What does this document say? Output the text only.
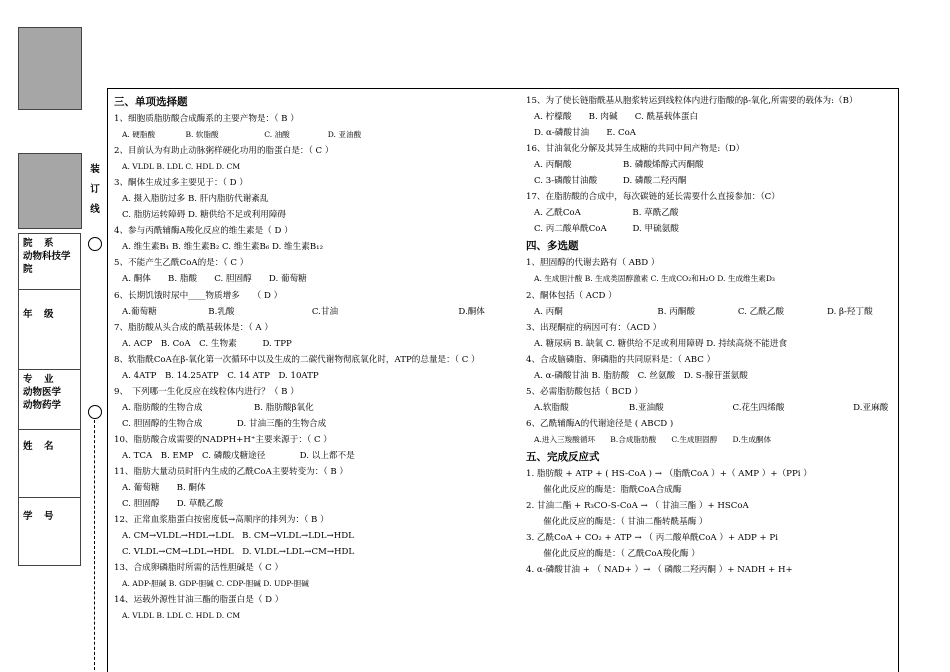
装
订
线
院　系
动物科技学院
年　级
专　业
动物医学
动物药学
姓　名
学　号
三、单项选择题
1、细胞质脂肪酸合成酶系的主要产物是：（ B ）
A. 硬脂酸　　　　B. 软脂酸　　　　　　C. 油酸　　　　　D. 亚油酸
2、目前认为有助止动脉粥样硬化功用的脂蛋白是：（ C ）
A. VLDL B. LDL C. HDL D. CM
3、酮体生成过多主要见于：（ D ）
A. 摄入脂肪过多 B. 肝内脂肪代谢紊乱
C. 脂肪运转障碍 D. 糖供给不足或利用障碍
4、参与丙酰辅酶A羧化反应的维生素是（ D ）
A. 维生素B₁ B. 维生素B₂ C. 维生素B₆ D. 维生素B₁₂
5、不能产生乙酰CoA的是：（ C ）
A. 酮体　　B. 脂酸　　C. 胆固醇　　D. 葡萄糖
6、长期饥饿时尿中____物质增多　　（ D ）
A.葡萄糖　　　　　　B.乳酸　　　　　　　　　C.甘油　　　　　　　　　　　　　　D.酮体
7、脂肪酸从头合成的酰基载体是：（ A ）
A. ACP　B. CoA　C. 生物素　　　D. TPP
8、软脂酰CoA在β-氧化第一次循环中以及生成的二碳代谢物彻底氧化时，ATP的总量是：（ C ）
A. 4ATP　B. 14.25ATP　C. 14 ATP　D. 10ATP
9、　下列哪一生化反应在线粒体内进行？（ B ）
A. 脂肪酸的生物合成　　　　　　B. 脂肪酸β氧化
C. 胆固醇的生物合成　　　　D. 甘油三酯的生物合成
10、脂肪酸合成需要的NADPH+H⁺主要来源于：（ C ）
A. TCA　B. EMP　C. 磷酸戊糖途径　　　　D. 以上都不是
11、脂肪大量动员时肝内生成的乙酰CoA主要转变为：（ B ）
A. 葡萄糖　　B. 酮体
C. 胆固醇　　D. 草酰乙酸
12、正常血浆脂蛋白按密度低→高顺序的排列为：（ B ）
A. CM→VLDL→HDL→LDL　B. CM→VLDL→LDL→HDL
C. VLDL→CM→LDL→HDL　D. VLDL→LDL→CM→HDL
13、合成卵磷脂时所需的活性胆碱是（ C ）
A. ADP-胆碱 B. GDP-胆碱 C. CDP-胆碱 D. UDP-胆碱
14、运载外源性甘油三酯的脂蛋白是（ D ）
A. VLDL B. LDL C. HDL D. CM
15、为了使长链脂酰基从胞浆转运到线粒体内进行脂酸的β-氧化,所需要的载体为:（B）
A. 柠檬酸　　B. 肉碱　　C. 酰基载体蛋白
D. α-磷酸甘油　　E. CoA
16、甘油氧化分解及其异生成糖的共同中间产物是:（D）
A. 丙酮酸　　　　　　B. 磷酸烯醇式丙酮酸
C. 3-磷酸甘油酸　　　D. 磷酸二羟丙酮
17、在脂肪酸的合成中，每次碳链的延长需要什么直接参加：（C）
A. 乙酰CoA　　　　　　B. 草酰乙酸
C. 丙二酸单酰CoA　　　D. 甲硫氨酸
四、多选题
1、胆固醇的代谢去路有（ ABD ）
A. 生成胆汁酸 B. 生成类固醇激素 C. 生成CO₂和H₂O D. 生成维生素D₃
2、酮体包括（ ACD ）
A. 丙酮　　　　　　　　　　　B. 丙酮酸　　　　　C. 乙酰乙酸　　　　　D. β-羟丁酸
3、出现酮症的病因可有：（ACD ）
A. 糖尿病 B. 缺氧 C. 糖供给不足或利用障碍 D. 持续高烧不能进食
4、合成脑磷脂、卵磷脂的共同原料是：（ ABC ）
A. α-磷酸甘油 B. 脂肪酸　C. 丝氨酸　D. S-腺苷蛋氨酸
5、必需脂肪酸包括（ BCD ）
A.软脂酸　　　　　　　B.亚油酸　　　　　　　　C.花生四烯酸　　　　　　　　D.亚麻酸
6、乙酰辅酶A的代谢途径是 ( ABCD )
A.进入三羧酸循环　　B.合成脂肪酸　　C.生成胆固醇　　D.生成酮体
五、完成反应式
1. 脂肪酸 + ATP + ( HS-CoA ) → （脂酰CoA ）+（ AMP ）+（PPi ）
　　催化此反应的酶是：脂酰CoA合成酶
2. 甘油二酯 + R₃CO-S-CoA → （ 甘油三酯 ）+ HSCoA
　　催化此反应的酶是：（ 甘油二酯转酰基酶 ）
3. 乙酰CoA + CO₂ + ATP → （ 丙二酸单酰CoA ）+ ADP + Pi
　　催化此反应的酶是：（ 乙酰CoA羧化酶 ）
4. α-磷酸甘油 + （ NAD+ ）→ （ 磷酸二羟丙酮 ）+ NADH + H+
